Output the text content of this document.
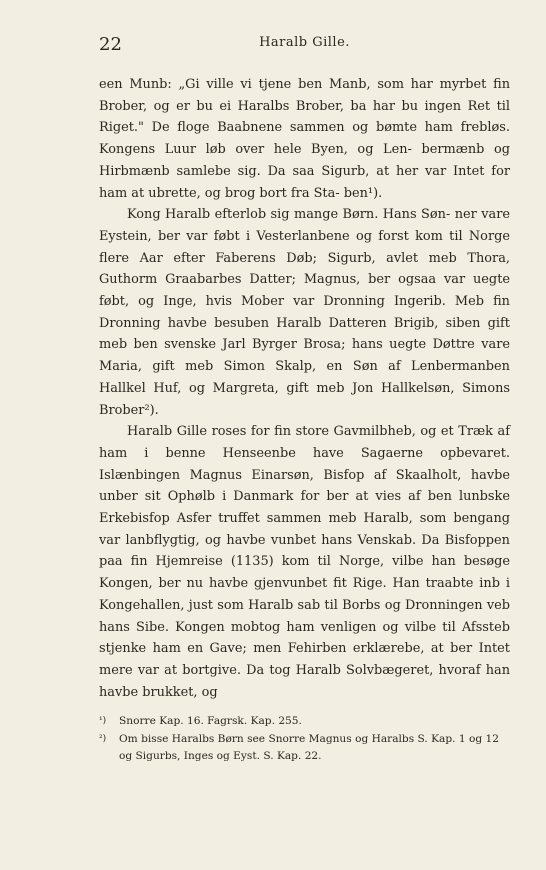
22	Haralb Gille.

een Munb: „Gi ville vi tjene ben Manb, som har myrbet fin Brober, og er bu ei Haralbs Brober, ba har bu ingen Ret til Riget." De floge Baabnene sammen og bømte ham frebløs. Kongens Luur løb over hele Byen, og Len- bermænb og Hirbmænb samlebe sig. Da saa Sigurb, at her var Intet for ham at ubrette, og brog bort fra Sta- ben¹).

Kong Haralb efterlob sig mange Børn. Hans Søn- ner vare Eystein, ber var føbt i Vesterlanbene og forst kom til Norge flere Aar efter Faberens Døb; Sigurb, avlet meb Thora, Guthorm Graabarbes Datter; Magnus, ber ogsaa var uegte føbt, og Inge, hvis Mober var Dronning Ingerib. Meb fin Dronning havbe besuben Haralb Datteren Brigib, siben gift meb ben svenske Jarl Byrger Brosa; hans uegte Døttre vare Maria, gift meb Simon Skalp, en Søn af Lenbermanben Hallkel Huf, og Margreta, gift meb Jon Hallkelsøn, Simons Brober²).

Haralb Gille roses for fin store Gavmilbheb, og et Træk af ham i benne Henseenbe have Sagaerne opbevaret. Islænbingen Magnus Einarsøn, Bisfop af Skaalholt, havbe unber sit Ophølb i Danmark for ber at vies af ben lunbske Erkebisfop Asfer truffet sammen meb Haralb, som bengang var lanbflygtig, og havbe vunbet hans Venskab. Da Bisfoppen paa fin Hjemreise (1135) kom til Norge, vilbe han besøge Kongen, ber nu havbe gjenvunbet fit Rige. Han traabte inb i Kongehallen, just som Haralb sab til Borbs og Dronningen veb hans Sibe. Kongen mobtog ham venligen og vilbe til Afssteb stjenke ham en Gave; men Fehirben erklærebe, at ber Intet mere var at bortgive. Da tog Haralb Solvbægeret, hvoraf han havbe brukket, og

¹)	Snorre Kap. 16. Fagrsk. Kap. 255.
²)	Om bisse Haralbs Børn see Snorre Magnus og Haralbs S. Kap. 1 og 12 og Sigurbs, Inges og Eyst. S. Kap. 22.
